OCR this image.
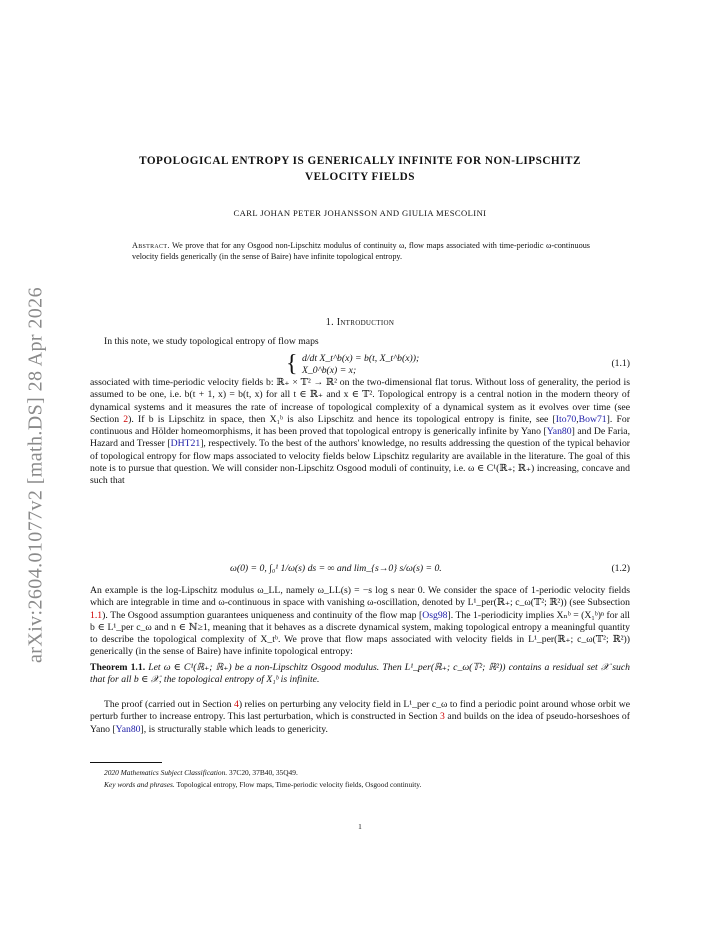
arXiv:2604.01077v2 [math.DS] 28 Apr 2026
TOPOLOGICAL ENTROPY IS GENERICALLY INFINITE FOR NON-LIPSCHITZ
VELOCITY FIELDS
CARL JOHAN PETER JOHANSSON AND GIULIA MESCOLINI
Abstract. We prove that for any Osgood non-Lipschitz modulus of continuity ω, flow maps associated with time-periodic ω-continuous velocity fields generically (in the sense of Baire) have infinite topological entropy.
1. Introduction
In this note, we study topological entropy of flow maps
{ d/dt X_t^b(x) = b(t, X_t^b(x));
X_0^b(x) = x;
(1.1)
associated with time-periodic velocity fields b: ℝ₊ × 𝕋² → ℝ² on the two-dimensional flat torus. Without loss of generality, the period is assumed to be one, i.e. b(t + 1, x) = b(t, x) for all t ∈ ℝ₊ and x ∈ 𝕋². Topological entropy is a central notion in the modern theory of dynamical systems and it measures the rate of increase of topological complexity of a dynamical system as it evolves over time (see Section 2). If b is Lipschitz in space, then X₁ᵇ is also Lipschitz and hence its topological entropy is finite, see [Ito70,Bow71]. For continuous and Hölder homeomorphisms, it has been proved that topological entropy is generically infinite by Yano [Yan80] and De Faria, Hazard and Tresser [DHT21], respectively. To the best of the authors' knowledge, no results addressing the question of the typical behavior of topological entropy for flow maps associated to velocity fields below Lipschitz regularity are available in the literature. The goal of this note is to pursue that question. We will consider non-Lipschitz Osgood moduli of continuity, i.e. ω ∈ C¹(ℝ₊; ℝ₊) increasing, concave and such that
ω(0) = 0, ∫₀¹ 1/ω(s) ds = ∞ and lim_{s→0} s/ω(s) = 0.	(1.2)
An example is the log-Lipschitz modulus ω_LL, namely ω_LL(s) = −s log s near 0. We consider the space of 1-periodic velocity fields which are integrable in time and ω-continuous in space with vanishing ω-oscillation, denoted by L¹_per(ℝ₊; c_ω(𝕋²; ℝ²)) (see Subsection 1.1). The Osgood assumption guarantees uniqueness and continuity of the flow map [Osg98]. The 1-periodicity implies Xₙᵇ = (X₁ᵇ)ⁿ for all b ∈ L¹_per c_ω and n ∈ ℕ≥1, meaning that it behaves as a discrete dynamical system, making topological entropy a meaningful quantity to describe the topological complexity of X_tᵇ. We prove that flow maps associated with velocity fields in L¹_per(ℝ₊; c_ω(𝕋²; ℝ²)) generically (in the sense of Baire) have infinite topological entropy:
Theorem 1.1. Let ω ∈ C¹(ℝ₊; ℝ₊) be a non-Lipschitz Osgood modulus. Then L¹_per(ℝ₊; c_ω(𝕋²; ℝ²)) contains a residual set 𝒳 such that for all b ∈ 𝒳, the topological entropy of X₁ᵇ is infinite.
The proof (carried out in Section 4) relies on perturbing any velocity field in L¹_per c_ω to find a periodic point around whose orbit we perturb further to increase entropy. This last perturbation, which is constructed in Section 3 and builds on the idea of pseudo-horseshoes of Yano [Yan80], is structurally stable which leads to genericity.
2020 Mathematics Subject Classification. 37C20, 37B40, 35Q49.
Key words and phrases. Topological entropy, Flow maps, Time-periodic velocity fields, Osgood continuity.
1
